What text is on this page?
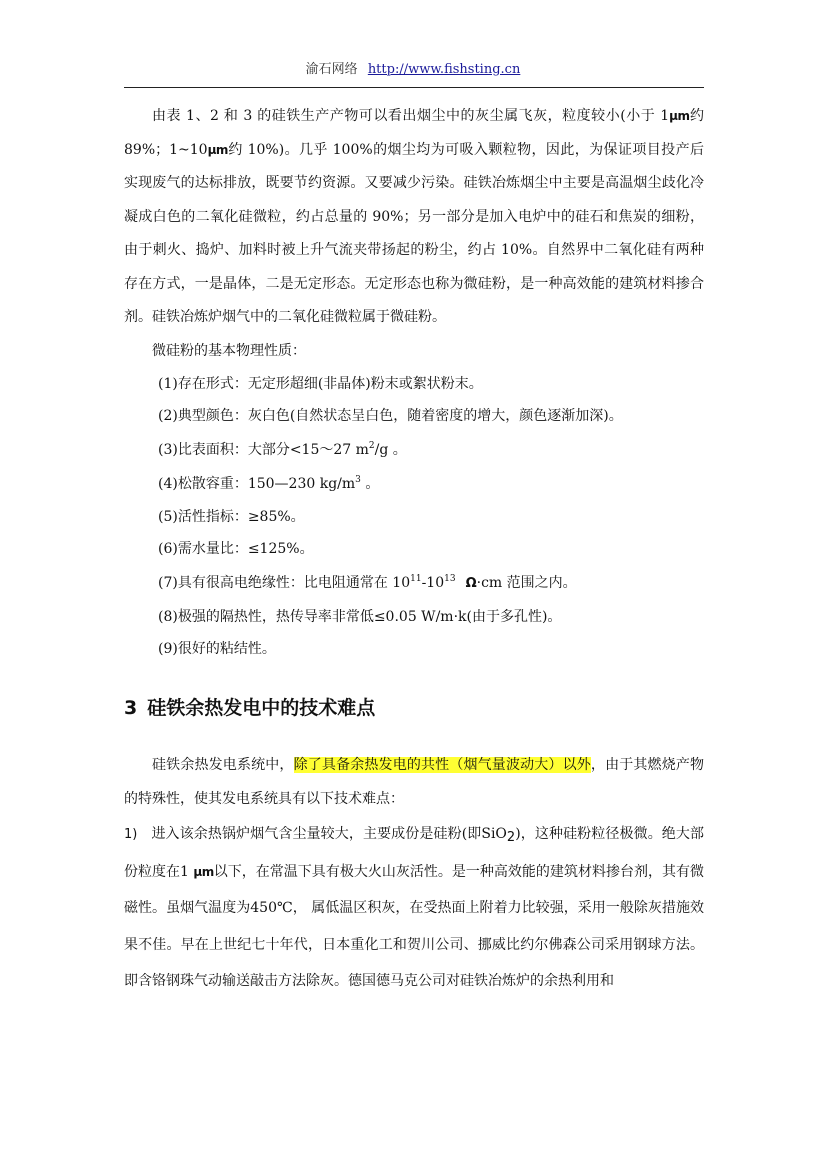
渝石网络 http://www.fishsting.cn

由表 1、2 和 3 的硅铁生产产物可以看出烟尘中的灰尘属飞灰，粒度较小(小于 1μm约 89%；1~10μm约 10%)。几乎 100%的烟尘均为可吸入颗粒物，因此，为保证项目投产后实现废气的达标排放，既要节约资源。又要减少污染。硅铁冶炼烟尘中主要是高温烟尘歧化冷凝成白色的二氧化硅微粒，约占总量的 90%；另一部分是加入电炉中的硅石和焦炭的细粉，由于刺火、捣炉、加料时被上升气流夹带扬起的粉尘，约占 10%。自然界中二氧化硅有两种存在方式，一是晶体，二是无定形态。无定形态也称为微硅粉，是一种高效能的建筑材料掺合剂。硅铁冶炼炉烟气中的二氧化硅微粒属于微硅粉。

微硅粉的基本物理性质：

(1)存在形式：无定形超细(非晶体)粉末或絮状粉末。
(2)典型颜色：灰白色(自然状态呈白色，随着密度的增大，颜色逐渐加深)。
(3)比表面积：大部分<15～27 $m^2/g$ 。
(4)松散容重：150—230 $kg/m^3$ 。
(5)活性指标：≥85%。
(6)需水量比：≤125%。
(7)具有很高电绝缘性：比电阻通常在 $10^{11}-10^{13}$ Ω·cm 范围之内。
(8)极强的隔热性，热传导率非常低≤0.05 W/m·k(由于多孔性)。
(9)很好的粘结性。
3 硅铁余热发电中的技术难点

硅铁余热发电系统中，除了具备余热发电的共性（烟气量波动大）以外，由于其燃烧产物的特殊性，使其发电系统具有以下技术难点：

1) 进入该余热锅炉烟气含尘量较大，主要成份是硅粉(即SiO$_2$)，这种硅粉粒径极微。绝大部份粒度在1 μm以下，在常温下具有极大火山灰活性。是一种高效能的建筑材料掺台剂，其有微磁性。虽烟气温度为450℃， 属低温区积灰，在受热面上附着力比较强，采用一般除灰措施效果不佳。早在上世纪七十年代，日本重化工和贺川公司、挪威比约尔佛森公司采用钢球方法。即含铬钢珠气动输送敲击方法除灰。德国德马克公司对硅铁冶炼炉的余热利用和
